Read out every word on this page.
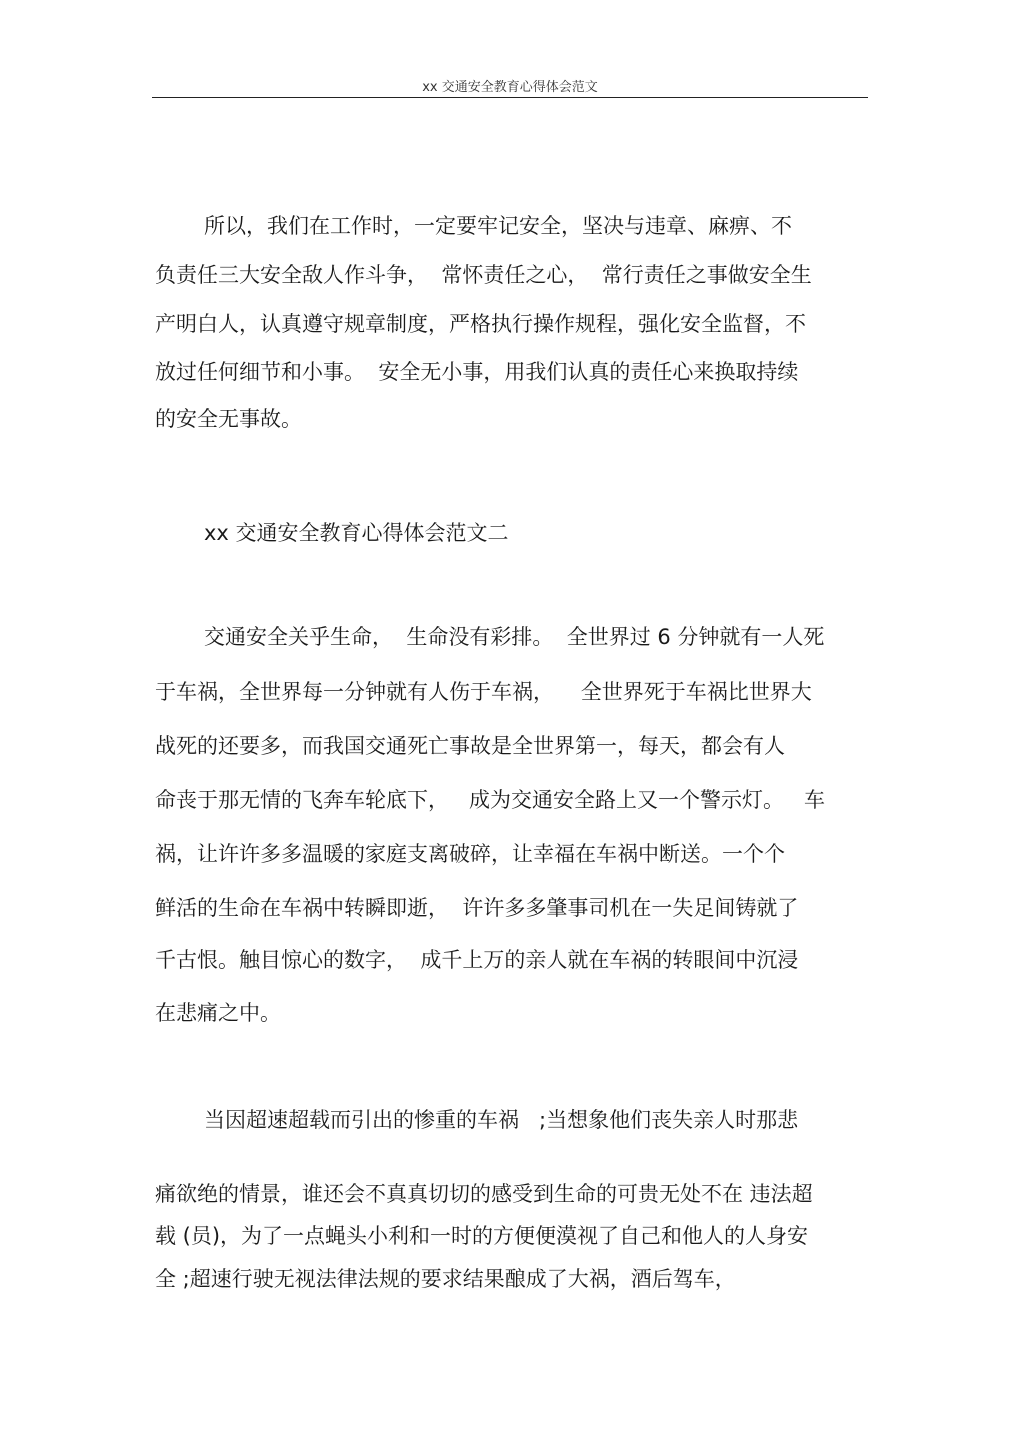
xx 交通安全教育心得体会范文
所以，我们在工作时，一定要牢记安全，坚决与违章、麻痹、不
负责任三大安全敌人作斗争，  常怀责任之心，  常行责任之事做安全生
产明白人，认真遵守规章制度，严格执行操作规程，强化安全监督，不
放过任何细节和小事。  安全无小事，用我们认真的责任心来换取持续
的安全无事故。
xx 交通安全教育心得体会范文二
交通安全关乎生命，  生命没有彩排。  全世界过 6 分钟就有一人死
于车祸，全世界每一分钟就有人伤于车祸，    全世界死于车祸比世界大
战死的还要多，而我国交通死亡事故是全世界第一，每天，都会有人
命丧于那无情的飞奔车轮底下，   成为交通安全路上又一个警示灯。   车
祸，让许许多多温暖的家庭支离破碎，让幸福在车祸中断送。一个个
鲜活的生命在车祸中转瞬即逝，  许许多多肇事司机在一失足间铸就了
千古恨。触目惊心的数字，  成千上万的亲人就在车祸的转眼间中沉浸
在悲痛之中。
当因超速超载而引出的惨重的车祸   ;当想象他们丧失亲人时那悲
痛欲绝的情景，谁还会不真真切切的感受到生命的可贵无处不在 违法超
载 (员)，为了一点蝇头小利和一时的方便便漠视了自己和他人的人身安
全 ;超速行驶无视法律法规的要求结果酿成了大祸，酒后驾车，
